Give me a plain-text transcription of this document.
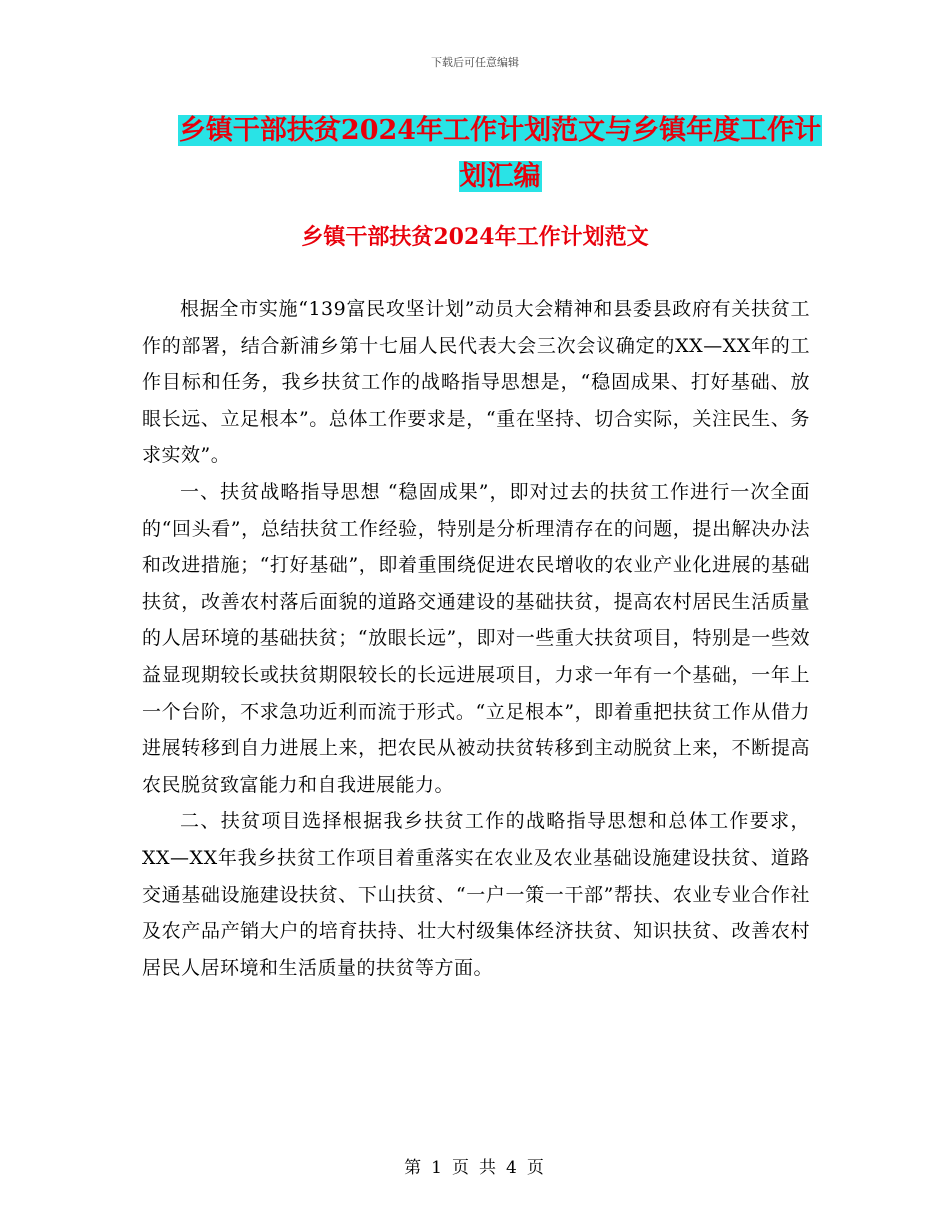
下载后可任意编辑
乡镇干部扶贫2024年工作计划范文与乡镇年度工作计
划汇编
乡镇干部扶贫2024年工作计划范文

根据全市实施“139富民攻坚计划”动员大会精神和县委县政府有关扶贫工作的部署，结合新浦乡第十七届人民代表大会三次会议确定的XX—XX年的工作目标和任务，我乡扶贫工作的战略指导思想是，“稳固成果、打好基础、放眼长远、立足根本”。总体工作要求是，“重在坚持、切合实际，关注民生、务求实效”。

一、扶贫战略指导思想 “稳固成果”，即对过去的扶贫工作进行一次全面的“回头看”，总结扶贫工作经验，特别是分析理清存在的问题，提出解决办法和改进措施；“打好基础”，即着重围绕促进农民增收的农业产业化进展的基础扶贫，改善农村落后面貌的道路交通建设的基础扶贫，提高农村居民生活质量的人居环境的基础扶贫；“放眼长远”，即对一些重大扶贫项目，特别是一些效益显现期较长或扶贫期限较长的长远进展项目，力求一年有一个基础，一年上一个台阶，不求急功近利而流于形式。“立足根本”，即着重把扶贫工作从借力进展转移到自力进展上来，把农民从被动扶贫转移到主动脱贫上来，不断提高农民脱贫致富能力和自我进展能力。

二、扶贫项目选择根据我乡扶贫工作的战略指导思想和总体工作要求，XX—XX年我乡扶贫工作项目着重落实在农业及农业基础设施建设扶贫、道路交通基础设施建设扶贫、下山扶贫、“一户一策一干部”帮扶、农业专业合作社及农产品产销大户的培育扶持、壮大村级集体经济扶贫、知识扶贫、改善农村居民人居环境和生活质量的扶贫等方面。

第 1 页 共 4 页
